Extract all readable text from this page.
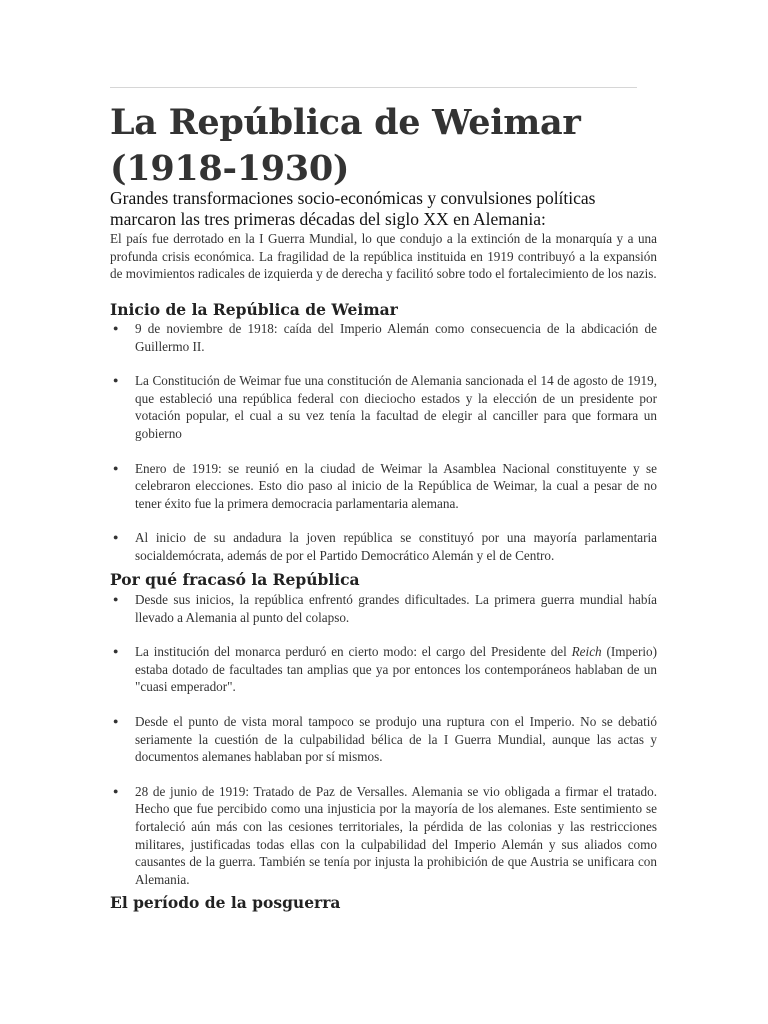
La República de Weimar (1918-1930)

Grandes transformaciones socio-económicas y convulsiones políticas marcaron las tres primeras décadas del siglo XX en Alemania:

El país fue derrotado en la I Guerra Mundial, lo que condujo a la extinción de la monarquía y a una profunda crisis económica. La fragilidad de la república instituida en 1919 contribuyó a la expansión de movimientos radicales de izquierda y de derecha y facilitó sobre todo el fortalecimiento de los nazis.

Inicio de la República de Weimar
● 9 de noviembre de 1918: caída del Imperio Alemán como consecuencia de la abdicación de Guillermo II.
● La Constitución de Weimar fue una constitución de Alemania sancionada el 14 de agosto de 1919, que estableció una república federal con dieciocho estados y la elección de un presidente por votación popular, el cual a su vez tenía la facultad de elegir al canciller para que formara un gobierno
● Enero de 1919: se reunió en la ciudad de Weimar la Asamblea Nacional constituyente y se celebraron elecciones. Esto dio paso al inicio de la República de Weimar, la cual a pesar de no tener éxito fue la primera democracia parlamentaria alemana.
● Al inicio de su andadura la joven república se constituyó por una mayoría parlamentaria socialdemócrata, además de por el Partido Democrático Alemán y el de Centro.
Por qué fracasó la República
● Desde sus inicios, la república enfrentó grandes dificultades. La primera guerra mundial había llevado a Alemania al punto del colapso.
● La institución del monarca perduró en cierto modo: el cargo del Presidente del Reich (Imperio) estaba dotado de facultades tan amplias que ya por entonces los contemporáneos hablaban de un "cuasi emperador".
● Desde el punto de vista moral tampoco se produjo una ruptura con el Imperio. No se debatió seriamente la cuestión de la culpabilidad bélica de la I Guerra Mundial, aunque las actas y documentos alemanes hablaban por sí mismos.
● 28 de junio de 1919: Tratado de Paz de Versalles. Alemania se vio obligada a firmar el tratado. Hecho que fue percibido como una injusticia por la mayoría de los alemanes. Este sentimiento se fortaleció aún más con las cesiones territoriales, la pérdida de las colonias y las restricciones militares, justificadas todas ellas con la culpabilidad del Imperio Alemán y sus aliados como causantes de la guerra. También se tenía por injusta la prohibición de que Austria se unificara con Alemania.
El período de la posguerra
